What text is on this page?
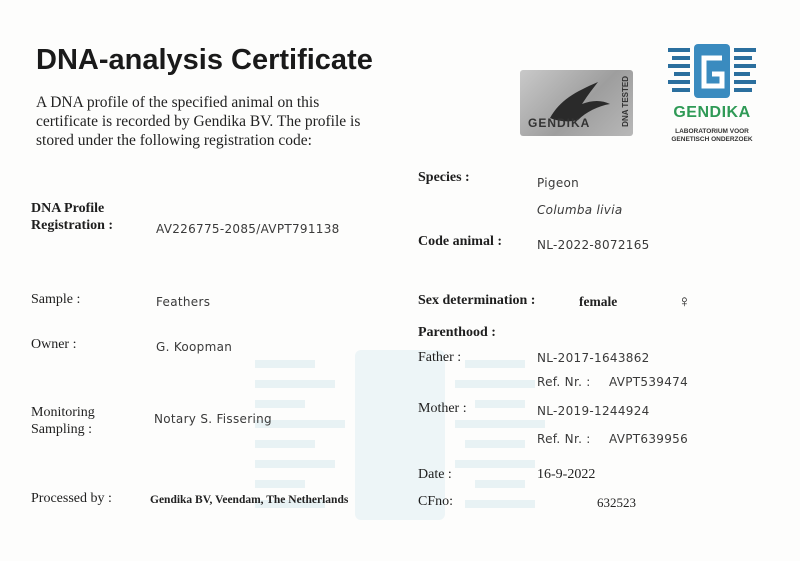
DNA-analysis Certificate
A DNA profile of the specified animal on this certificate is recorded by Gendika BV. The profile is stored under the following registration code:
GENDIKA	DNA TESTED	GENDIKA
LABORATORIUM VOOR
GENETISCH ONDERZOEK
DNA Profile
Registration :	AV226775-2085/AVPT791138
Sample :	Feathers
Owner :	G. Koopman
Monitoring
Sampling :
Notary S. Fissering
Processed by :	Gendika BV, Veendam, The Netherlands
Species :	Pigeon
Columba livia
Code animal :	NL-2022-8072165
Sex determination :	female	♀
Parenthood :
Father :	NL-2017-1643862
Ref. Nr. : AVPT539474
Mother :	NL-2019-1244924
Ref. Nr. : AVPT639956
Date :	16-9-2022
CFno:	632523
